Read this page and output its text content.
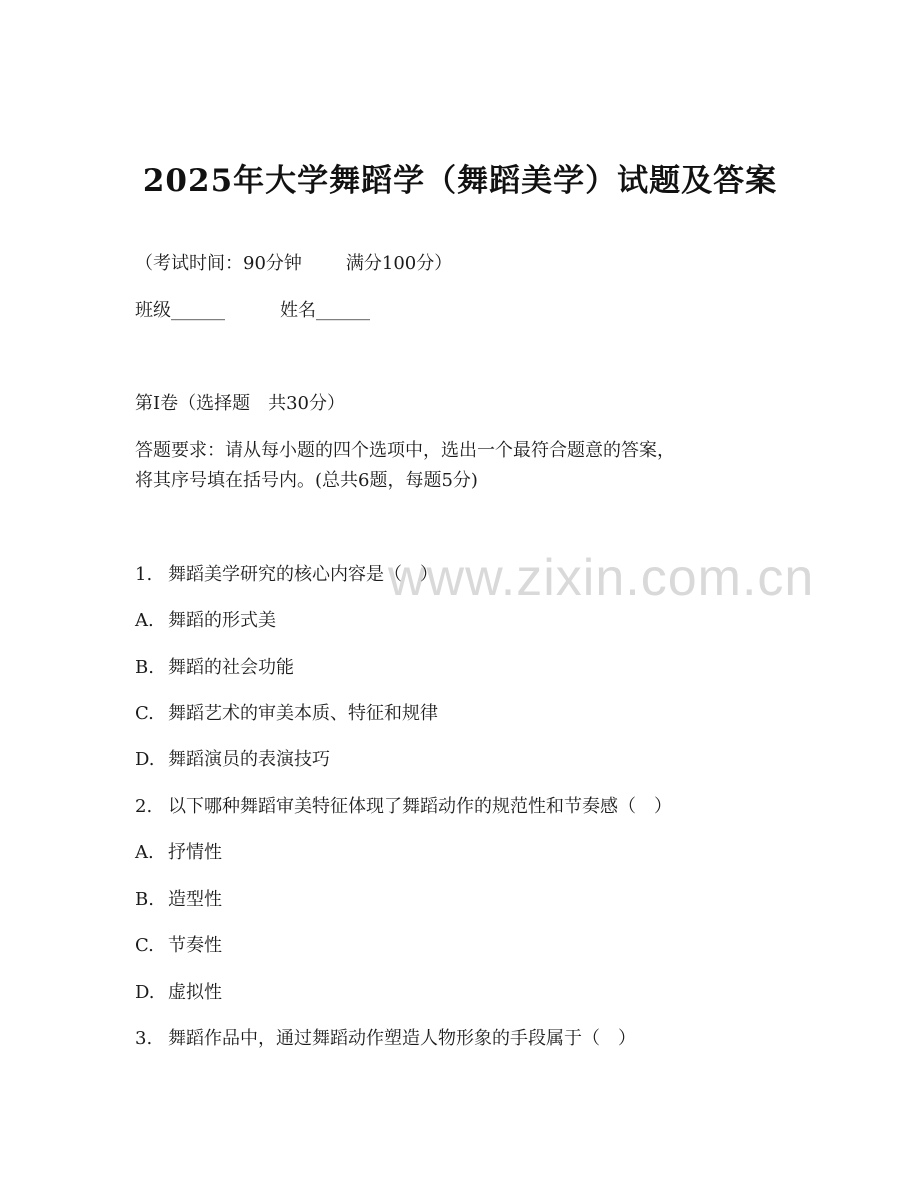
www.zixin.com.cn
2025年大学舞蹈学（舞蹈美学）试题及答案
（考试时间：90分钟 满分100分）
班级______	姓名______
第I卷（选择题　共30分）
答题要求：请从每小题的四个选项中，选出一个最符合题意的答案，
将其序号填在括号内。(总共6题，每题5分)
1. 舞蹈美学研究的核心内容是（　）
A. 舞蹈的形式美
B. 舞蹈的社会功能
C. 舞蹈艺术的审美本质、特征和规律
D. 舞蹈演员的表演技巧
2. 以下哪种舞蹈审美特征体现了舞蹈动作的规范性和节奏感（　）
A. 抒情性
B. 造型性
C. 节奏性
D. 虚拟性
3. 舞蹈作品中，通过舞蹈动作塑造人物形象的手段属于（　）
